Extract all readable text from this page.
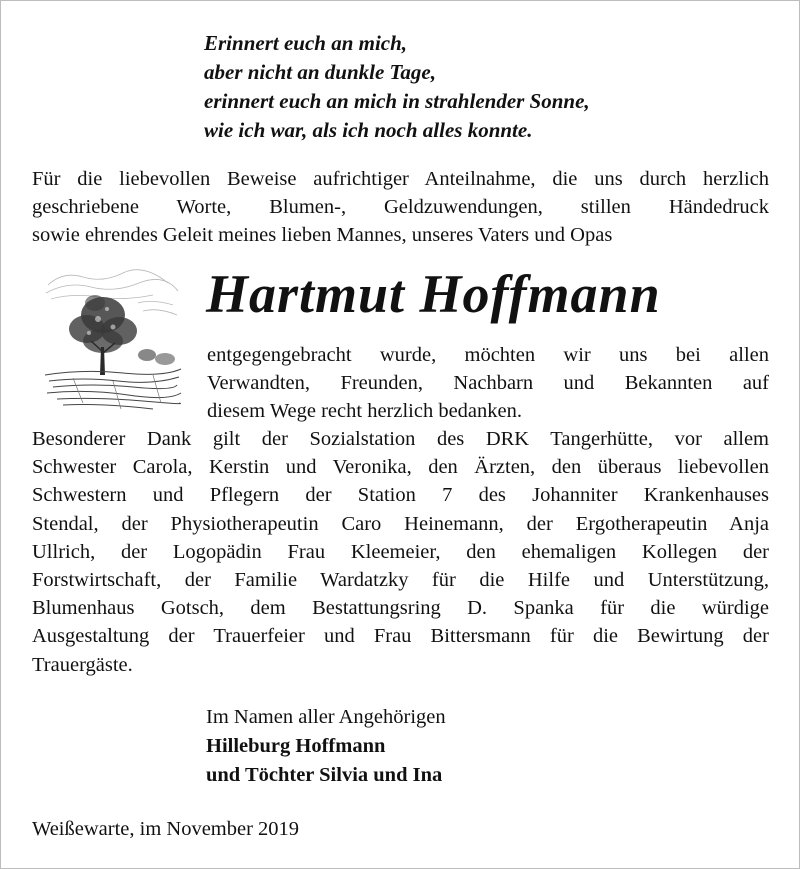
Erinnert euch an mich,
aber nicht an dunkle Tage,
erinnert euch an mich in strahlender Sonne,
wie ich war, als ich noch alles konnte.
Für die liebevollen Beweise aufrichtiger Anteilnahme, die uns durch herzlich
geschriebene Worte, Blumen-, Geldzuwendungen, stillen Händedruck
sowie ehrendes Geleit meines lieben Mannes, unseres Vaters und Opas
Hartmut Hoffmann
entgegengebracht wurde, möchten wir uns bei allen
Verwandten, Freunden, Nachbarn und Bekannten auf
diesem Wege recht herzlich bedanken.
Besonderer Dank gilt der Sozialstation des DRK Tangerhütte, vor allem
Schwester Carola, Kerstin und Veronika, den Ärzten, den überaus liebevollen
Schwestern und Pflegern der Station 7 des Johanniter Krankenhauses
Stendal, der Physiotherapeutin Caro Heinemann, der Ergotherapeutin Anja
Ullrich, der Logopädin Frau Kleemeier, den ehemaligen Kollegen der
Forstwirtschaft, der Familie Wardatzky für die Hilfe und Unterstützung,
Blumenhaus Gotsch, dem Bestattungsring D. Spanka für die würdige
Ausgestaltung der Trauerfeier und Frau Bittersmann für die Bewirtung der
Trauergäste.
Im Namen aller Angehörigen
Hilleburg Hoffmann
und Töchter Silvia und Ina
Weißewarte, im November 2019
